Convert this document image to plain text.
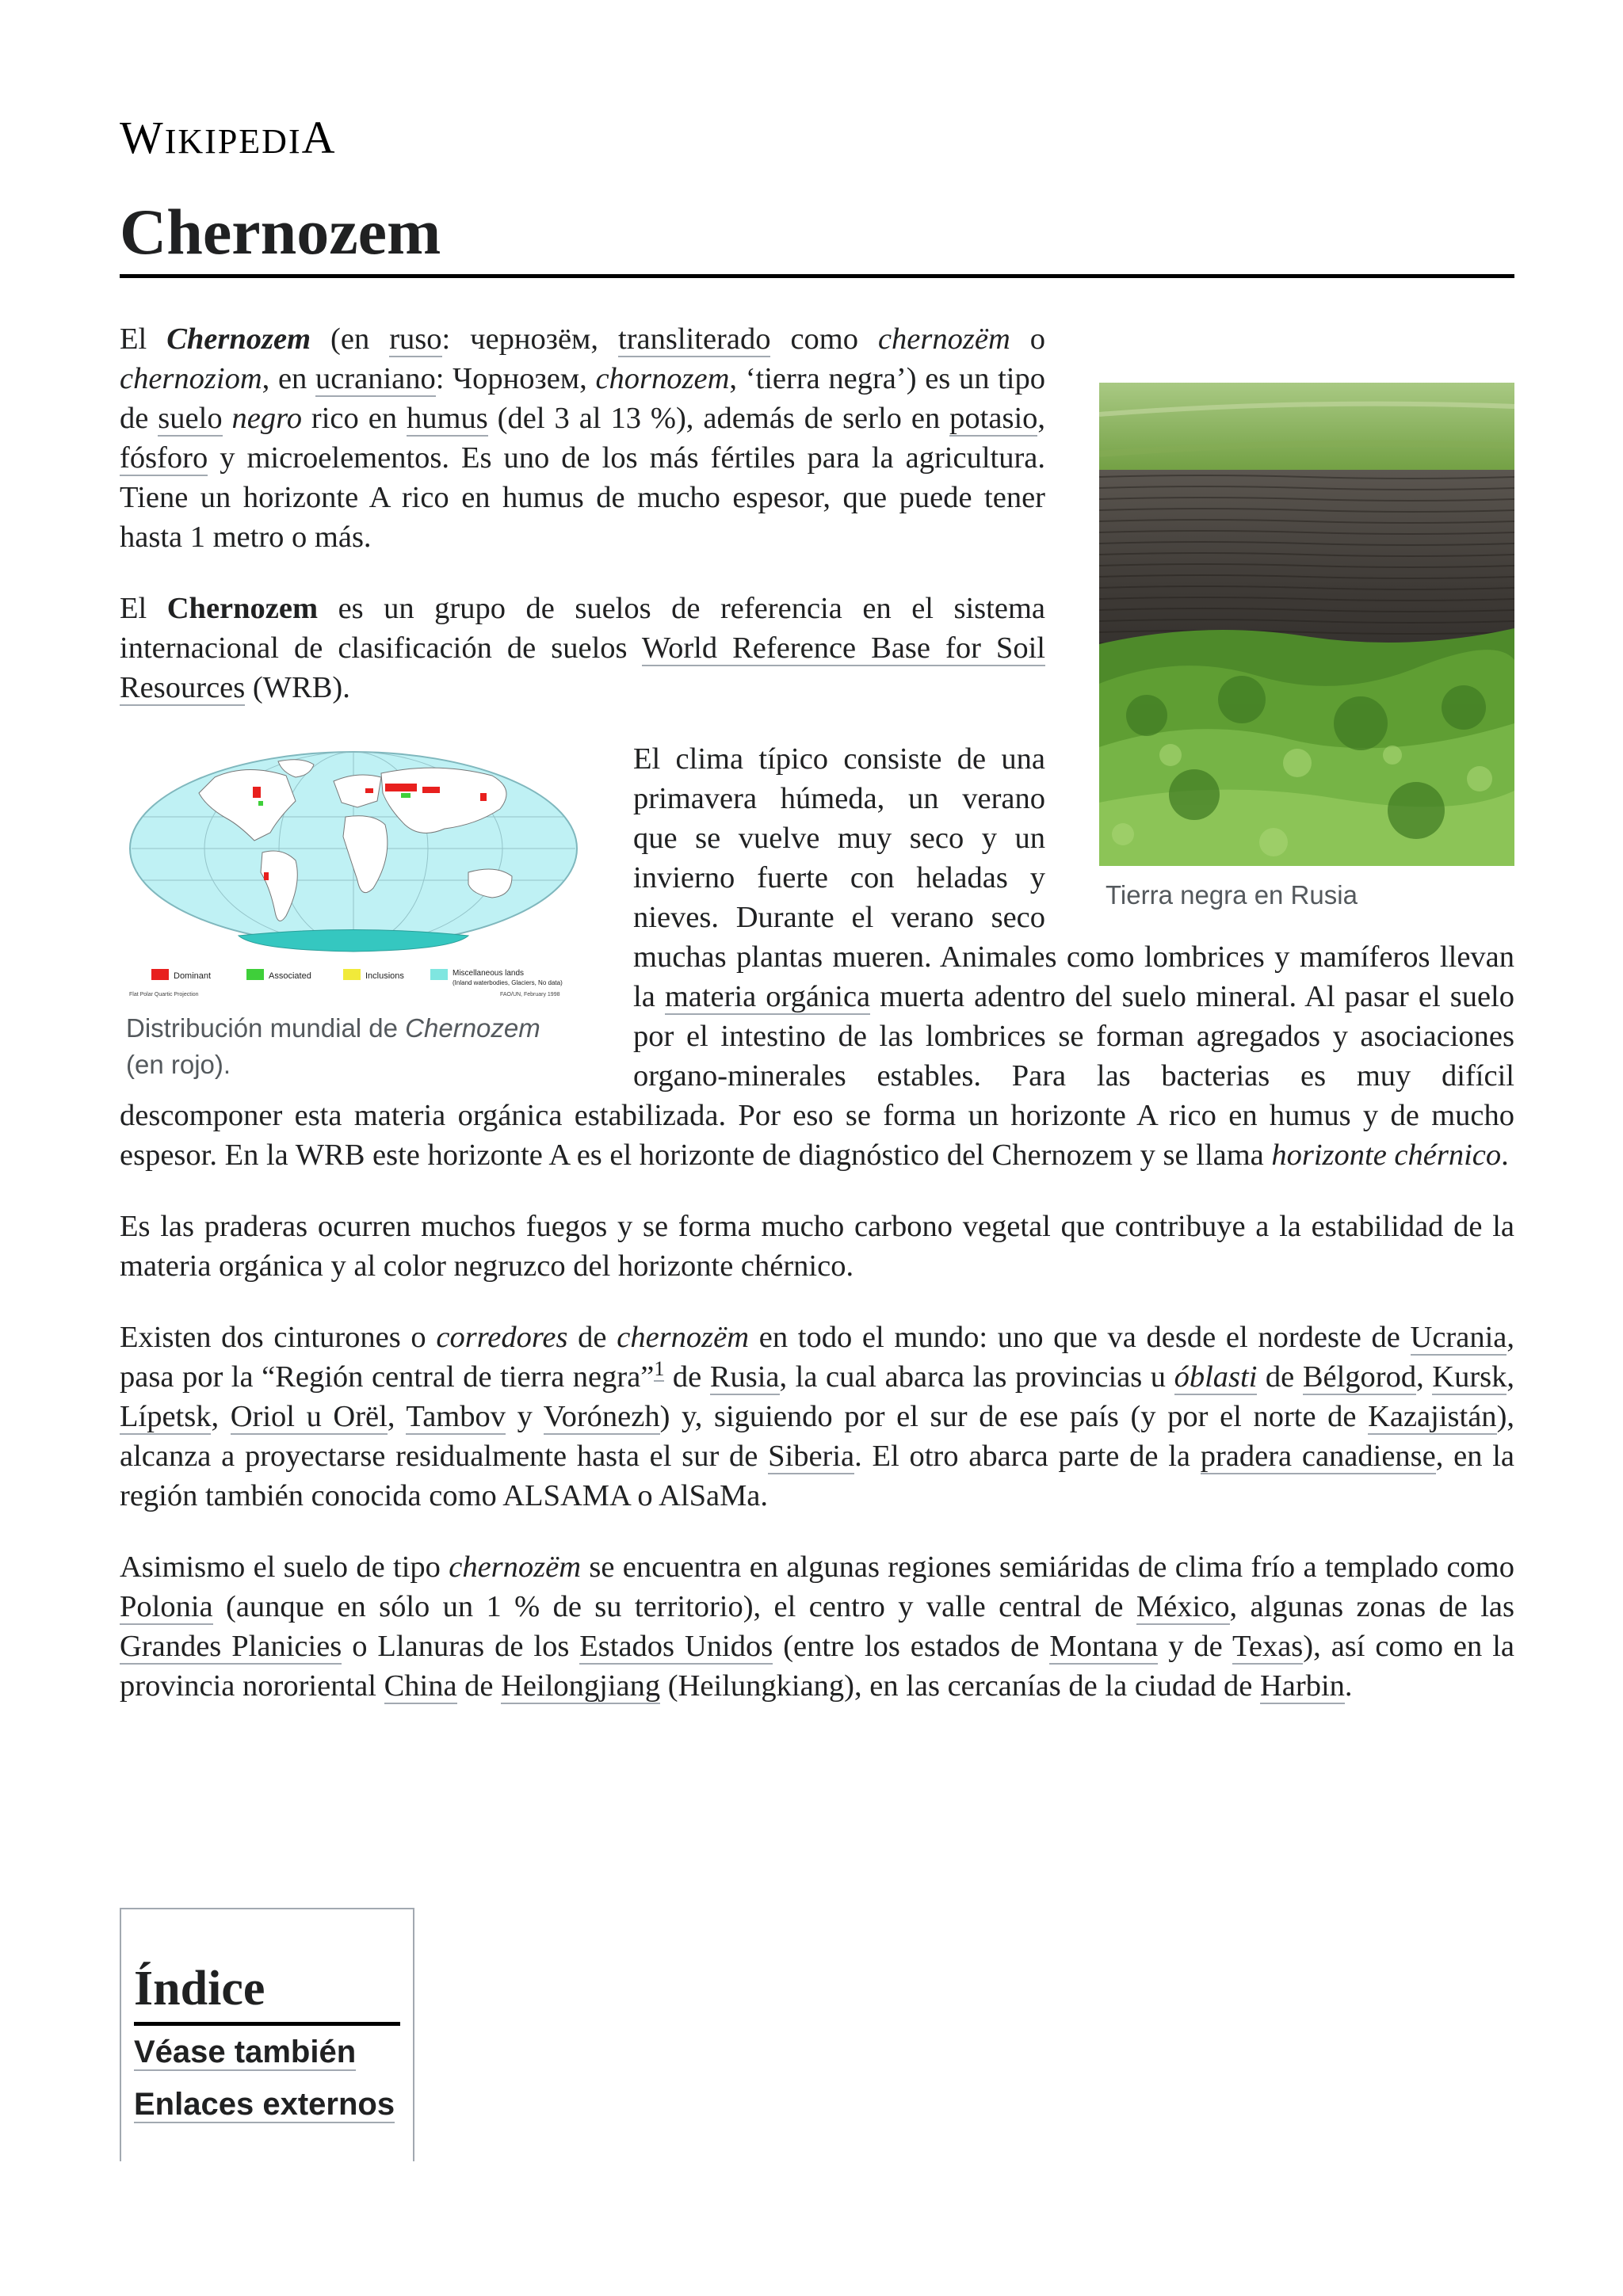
WIKIPEDIA
Chernozem
Tierra negra en Rusia

El Chernozem (en ruso: чернозём, transliterado como chernozëm o chernoziom, en ucraniano: Чорнозем, chornozem, ‘tierra negra’) es un tipo de suelo negro rico en humus (del 3 al 13 %), además de serlo en potasio, fósforo y microelementos. Es uno de los más fértiles para la agricultura. Tiene un horizonte A rico en humus de mucho espesor, que puede tener hasta 1 metro o más.

El Chernozem es un grupo de suelos de referencia en el sistema internacional de clasificación de suelos World Reference Base for Soil Resources (WRB).

Dominant	Associated	Inclusions	Miscellaneous lands
(Inland waterbodies, Glaciers, No data)
Flat Polar Quartic Projection	FAO/UN, February 1998
Distribución mundial de Chernozem (en rojo).

El clima típico consiste de una primavera húmeda, un verano que se vuelve muy seco y un invierno fuerte con heladas y nieves. Durante el verano seco muchas plantas mueren. Animales como lombrices y mamíferos llevan la materia orgánica muerta adentro del suelo mineral. Al pasar el suelo por el intestino de las lombrices se forman agregados y asociaciones organo-minerales estables. Para las bacterias es muy difícil descomponer esta materia orgánica estabilizada. Por eso se forma un horizonte A rico en humus y de mucho espesor. En la WRB este horizonte A es el horizonte de diagnóstico del Chernozem y se llama horizonte chérnico.

Es las praderas ocurren muchos fuegos y se forma mucho carbono vegetal que contribuye a la estabilidad de la materia orgánica y al color negruzco del horizonte chérnico.

Existen dos cinturones o corredores de chernozëm en todo el mundo: uno que va desde el nordeste de Ucrania, pasa por la “Región central de tierra negra”$^1$ de Rusia, la cual abarca las provincias u óblasti de Bélgorod, Kursk, Lípetsk, Oriol u Orël, Tambov y Vorónezh) y, siguiendo por el sur de ese país (y por el norte de Kazajistán), alcanza a proyectarse residualmente hasta el sur de Siberia. El otro abarca parte de la pradera canadiense, en la región también conocida como ALSAMA o AlSaMa.

Asimismo el suelo de tipo chernozëm se encuentra en algunas regiones semiáridas de clima frío a templado como Polonia (aunque en sólo un 1 % de su territorio), el centro y valle central de México, algunas zonas de las Grandes Planicies o Llanuras de los Estados Unidos (entre los estados de Montana y de Texas), así como en la provincia nororiental China de Heilongjiang (Heilungkiang), en las cercanías de la ciudad de Harbin.

Índice
Véase también
Enlaces externos
